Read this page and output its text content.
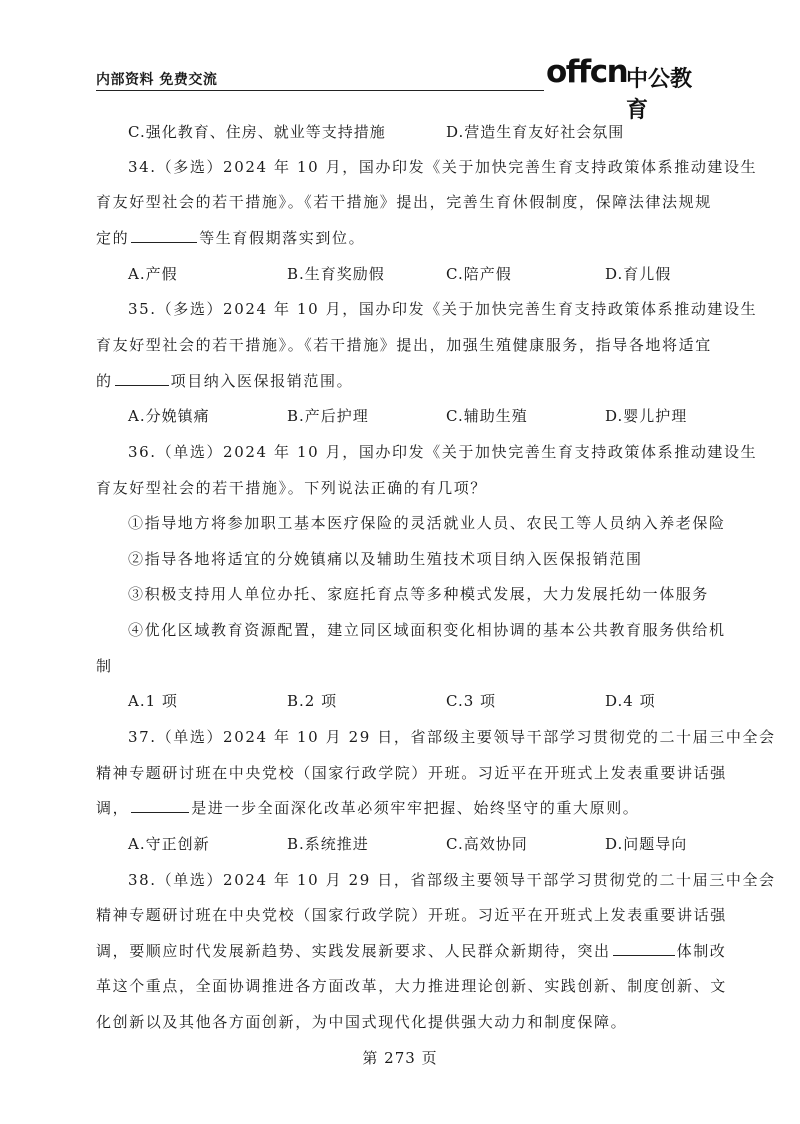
内部资料 免费交流	offcn
中公教育
C.强化教育、住房、就业等支持措施	D.营造生育友好社会氛围
34.（多选）2024 年 10 月，国办印发《关于加快完善生育支持政策体系推动建设生
育友好型社会的若干措施》。《若干措施》提出，完善生育休假制度，保障法律法规规
定的	等生育假期落实到位。
A.产假	B.生育奖励假	C.陪产假	D.育儿假
35.（多选）2024 年 10 月，国办印发《关于加快完善生育支持政策体系推动建设生
育友好型社会的若干措施》。《若干措施》提出，加强生殖健康服务，指导各地将适宜
的	项目纳入医保报销范围。
A.分娩镇痛	B.产后护理	C.辅助生殖	D.婴儿护理
36.（单选）2024 年 10 月，国办印发《关于加快完善生育支持政策体系推动建设生
育友好型社会的若干措施》。下列说法正确的有几项？
①指导地方将参加职工基本医疗保险的灵活就业人员、农民工等人员纳入养老保险
②指导各地将适宜的分娩镇痛以及辅助生殖技术项目纳入医保报销范围
③积极支持用人单位办托、家庭托育点等多种模式发展，大力发展托幼一体服务
④优化区域教育资源配置，建立同区域面积变化相协调的基本公共教育服务供给机
制
A.1 项	B.2 项	C.3 项	D.4 项
37.（单选）2024 年 10 月 29 日，省部级主要领导干部学习贯彻党的二十届三中全会
精神专题研讨班在中央党校（国家行政学院）开班。习近平在开班式上发表重要讲话强
调，	是进一步全面深化改革必须牢牢把握、始终坚守的重大原则。
A.守正创新	B.系统推进	C.高效协同	D.问题导向
38.（单选）2024 年 10 月 29 日，省部级主要领导干部学习贯彻党的二十届三中全会
精神专题研讨班在中央党校（国家行政学院）开班。习近平在开班式上发表重要讲话强
调，要顺应时代发展新趋势、实践发展新要求、人民群众新期待，突出	体制改
革这个重点，全面协调推进各方面改革，大力推进理论创新、实践创新、制度创新、文
化创新以及其他各方面创新，为中国式现代化提供强大动力和制度保障。
第 273 页
